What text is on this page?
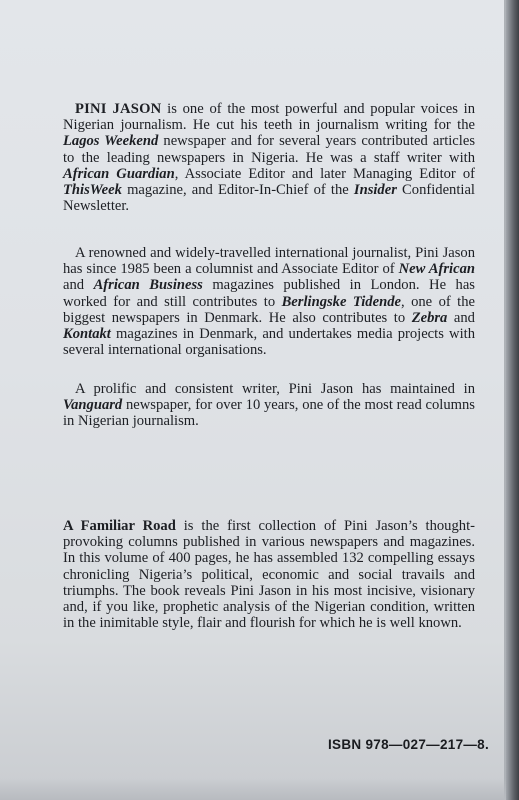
PINI JASON is one of the most powerful and popular voices in Nigerian journalism. He cut his teeth in journalism writing for the Lagos Weekend newspaper and for several years contributed articles to the leading newspapers in Nigeria. He was a staff writer with African Guardian, Associate Editor and later Managing Editor of ThisWeek magazine, and Editor-In-Chief of the Insider Confidential Newsletter.

A renowned and widely-travelled international journalist, Pini Jason has since 1985 been a columnist and Associate Editor of New African and African Business magazines published in London. He has worked for and still contributes to Berlingske Tidende, one of the biggest newspapers in Denmark. He also contributes to Zebra and Kontakt magazines in Denmark, and undertakes media projects with several international organisations.

A prolific and consistent writer, Pini Jason has maintained in Vanguard newspaper, for over 10 years, one of the most read columns in Nigerian journalism.

A Familiar Road is the first collection of Pini Jason’s thought-provoking columns published in various newspapers and magazines. In this volume of 400 pages, he has assembled 132 compelling essays chronicling Nigeria’s political, economic and social travails and triumphs. The book reveals Pini Jason in his most incisive, visionary and, if you like, prophetic analysis of the Nigerian condition, written in the inimitable style, flair and flourish for which he is well known.

ISBN 978—027—217—8.
